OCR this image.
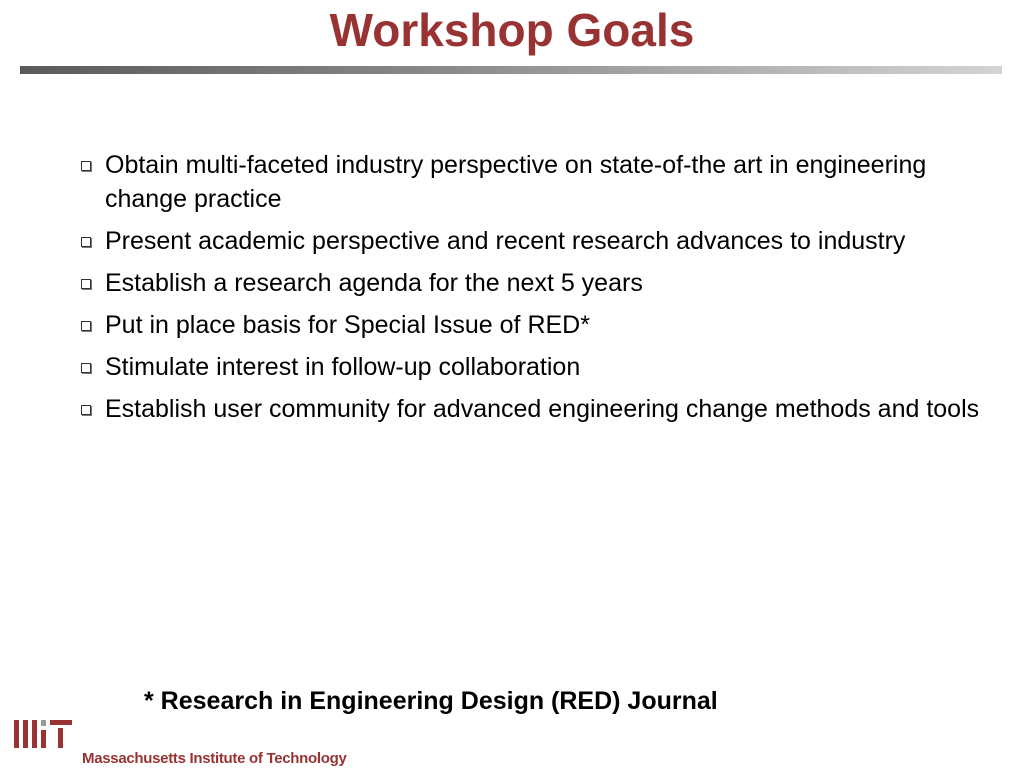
Workshop Goals
Obtain multi-faceted industry perspective on state-of-the art in engineering change practice
Present academic perspective and recent research advances to industry
Establish a research agenda for the next 5 years
Put in place basis for Special Issue of RED*
Stimulate interest in follow-up collaboration
Establish user community for advanced engineering change methods and tools
* Research in Engineering Design (RED) Journal
Massachusetts Institute of Technology
